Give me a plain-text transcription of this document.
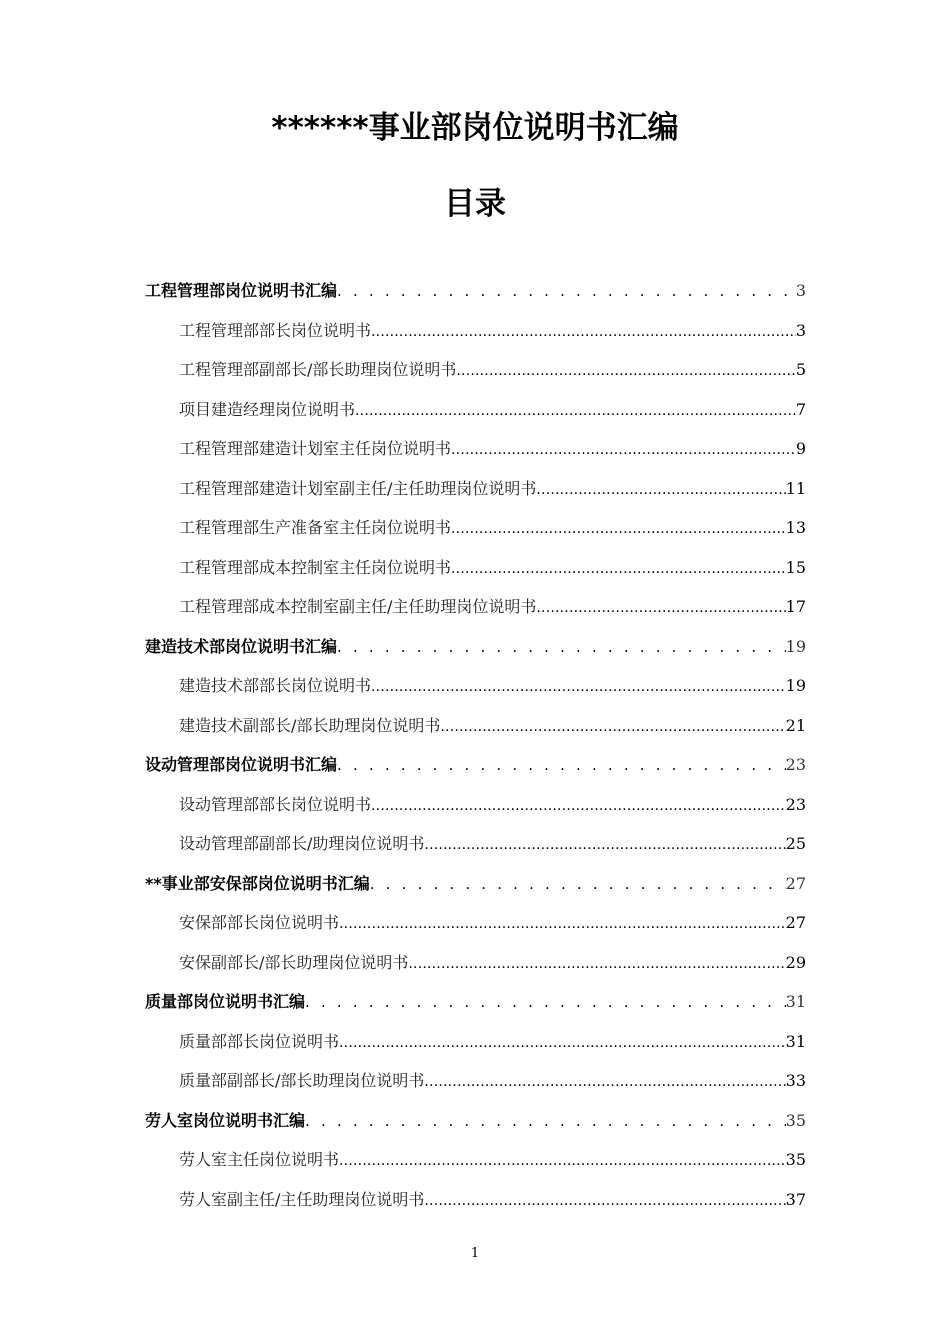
******事业部岗位说明书汇编
目录
工程管理部岗位说明书汇编 . . .	3
工程管理部部长岗位说明书 .....	3
工程管理部副部长/部长助理岗位说明书 .....	5
项目建造经理岗位说明书 .....	7
工程管理部建造计划室主任岗位说明书 .....	9
工程管理部建造计划室副主任/主任助理岗位说明书 .....	11
工程管理部生产准备室主任岗位说明书 .....	13
工程管理部成本控制室主任岗位说明书 .....	15
工程管理部成本控制室副主任/主任助理岗位说明书 .....	17
建造技术部岗位说明书汇编 . . .	19
建造技术部部长岗位说明书 .....	19
建造技术副部长/部长助理岗位说明书 .....	21
设动管理部岗位说明书汇编 . . .	23
设动管理部部长岗位说明书 .....	23
设动管理部副部长/助理岗位说明书 .....	25
**事业部安保部岗位说明书汇编 . . .	27
安保部部长岗位说明书 .....	27
安保副部长/部长助理岗位说明书 .....	29
质量部岗位说明书汇编 . . .	31
质量部部长岗位说明书 .....	31
质量部副部长/部长助理岗位说明书 .....	33
劳人室岗位说明书汇编 . . .	35
劳人室主任岗位说明书 .....	35
劳人室副主任/主任助理岗位说明书 .....	37
1
